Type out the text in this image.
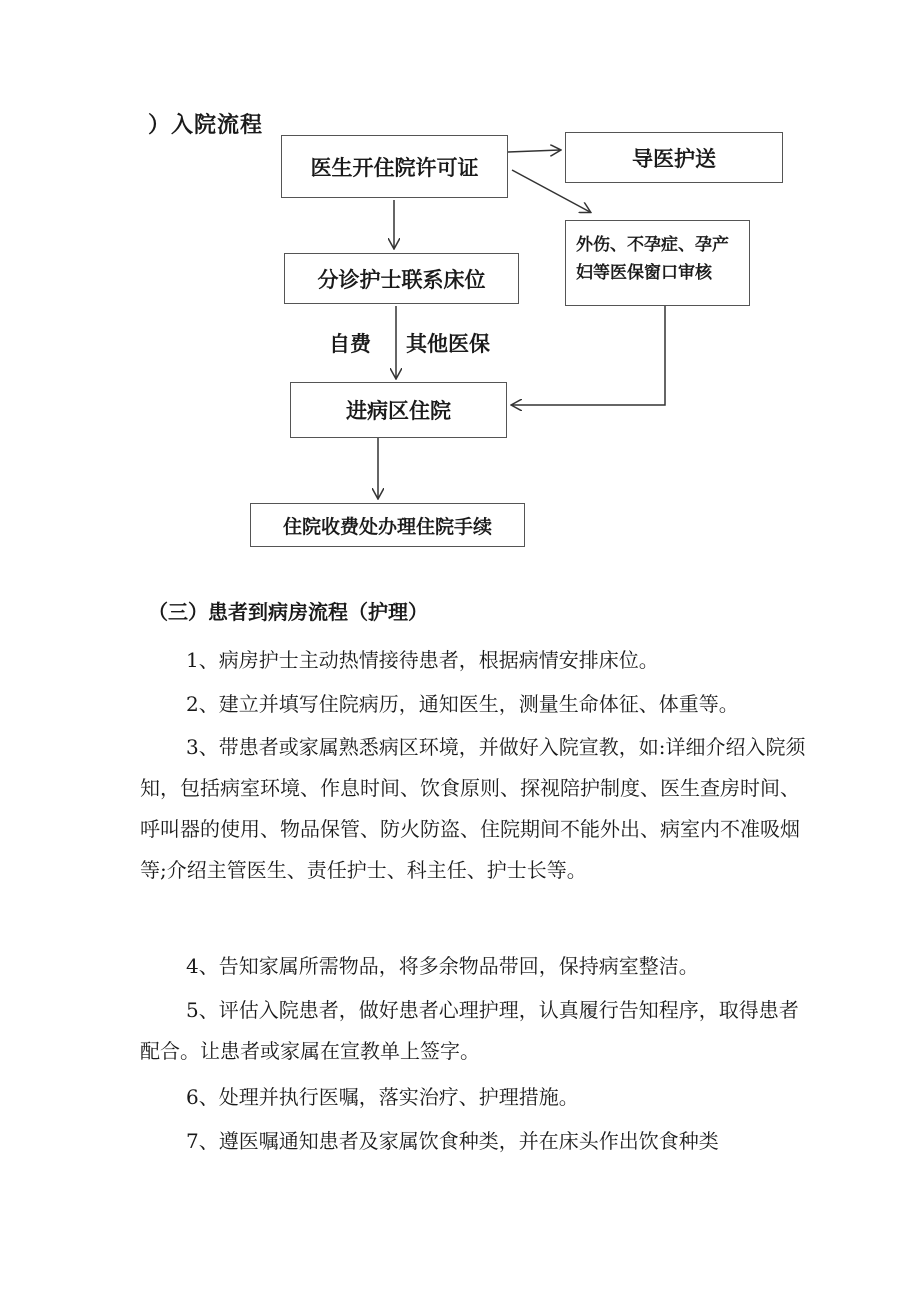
）入院流程
医生开住院许可证	导医护送
外伤、不孕症、孕产妇等医保窗口审核
分诊护士联系床位
自费 其他医保
进病区住院
住院收费处办理住院手续
（三）患者到病房流程（护理）
1、病房护士主动热情接待患者，根据病情安排床位。
2、建立并填写住院病历，通知医生，测量生命体征、体重等。
3、带患者或家属熟悉病区环境，并做好入院宣教，如:详细介绍入院须知，包括病室环境、作息时间、饮食原则、探视陪护制度、医生查房时间、呼叫器的使用、物品保管、防火防盗、住院期间不能外出、病室内不准吸烟等;介绍主管医生、责任护士、科主任、护士长等。
4、告知家属所需物品，将多余物品带回，保持病室整洁。
5、评估入院患者，做好患者心理护理，认真履行告知程序，取得患者配合。让患者或家属在宣教单上签字。
6、处理并执行医嘱，落实治疗、护理措施。
7、遵医嘱通知患者及家属饮食种类，并在床头作出饮食种类
